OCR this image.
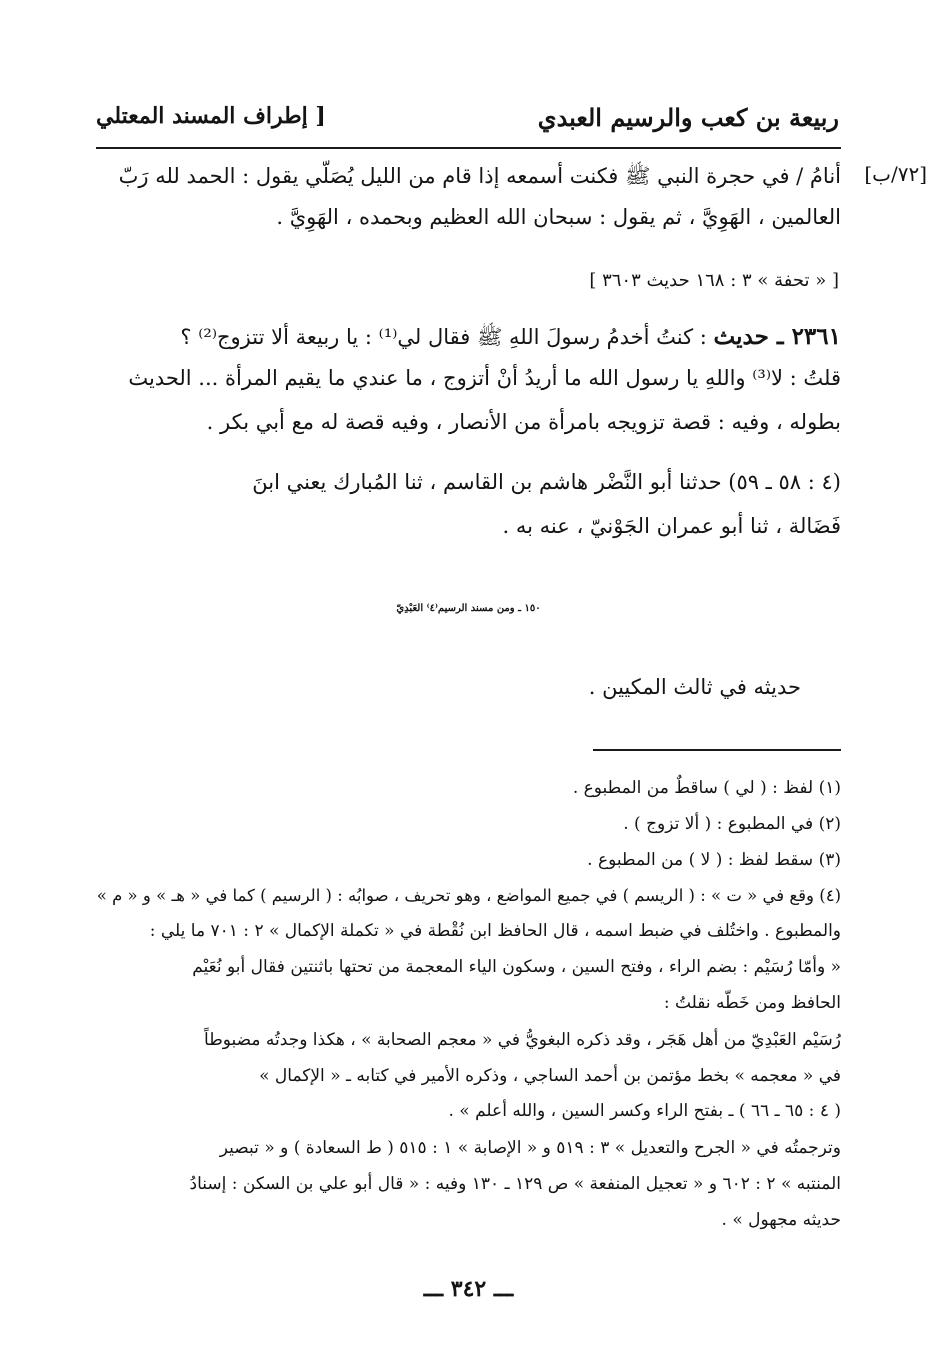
ربيعة بن كعب والرسيم العبدي
[ إطراف المسند المعتلي
[٧٢/ب]
أنامُ / في حجرة النبي ﷺ فكنت أسمعه إذا قام من الليل يُصَلّي يقول : الحمد لله رَبّ
العالمين ، الهَوِيَّ ، ثم يقول : سبحان الله العظيم وبحمده ، الهَوِيَّ .
[ « تحفة » ٣ : ١٦٨ حديث ٣٦٠٣ ]
٢٣٦١ ـ حديث : كنتُ أخدمُ رسولَ اللهِ ﷺ فقال لي⁽¹⁾ : يا ربيعة ألا تتزوج⁽²⁾ ؟
قلتُ : لا⁽³⁾ واللهِ يا رسول الله ما أريدُ أنْ أتزوج ، ما عندي ما يقيم المرأة ... الحديث
بطوله ، وفيه : قصة تزويجه بامرأة من الأنصار ، وفيه قصة له مع أبي بكر .
(٤ : ٥٨ ـ ٥٩) حدثنا أبو النَّضْر هاشم بن القاسم ، ثنا المُبارك يعني ابنَ
فَضَالة ، ثنا أبو عمران الجَوْنيّ ، عنه به .
١٥٠ ـ ومن مسند الرسيم⁽٤⁾ العَبْدِيّ
حديثه في ثالث المكيين .
(١) لفظ : ( لي ) ساقطٌ من المطبوع .
(٢) في المطبوع : ( ألا تزوج ) .
(٣) سقط لفظ : ( لا ) من المطبوع .
(٤) وقع في « ت » : ( الريسم ) في جميع المواضع ، وهو تحريف ، صوابُه : ( الرسيم ) كما في « هـ » و « م »
والمطبوع . واختُلف في ضبط اسمه ، قال الحافظ ابن نُقْطة في « تكملة الإكمال » ٢ : ٧٠١ ما يلي :
« وأمّا رُسَيْم : بضم الراء ، وفتح السين ، وسكون الياء المعجمة من تحتها باثنتين فقال أبو نُعَيْم
الحافظ ومن خَطّه نقلتُ :
رُسَيْم العَبْدِيّ من أهل هَجَر ، وقد ذكره البغويُّ في « معجم الصحابة » ، هكذا وجدتُه مضبوطاً
في « معجمه » بخط مؤتمن بن أحمد الساجي ، وذكره الأمير في كتابه ـ « الإكمال »
( ٤ : ٦٥ ـ ٦٦ ) ـ بفتح الراء وكسر السين ، والله أعلم » .
وترجمتُه في « الجرح والتعديل » ٣ : ٥١٩ و « الإصابة » ١ : ٥١٥ ( ط السعادة ) و « تبصير
المنتبه » ٢ : ٦٠٢ و « تعجيل المنفعة » ص ١٢٩ ـ ١٣٠ وفيه : « قال أبو علي بن السكن : إسنادُ
حديثه مجهول » .
ـــ ٣٤٢ ـــ
